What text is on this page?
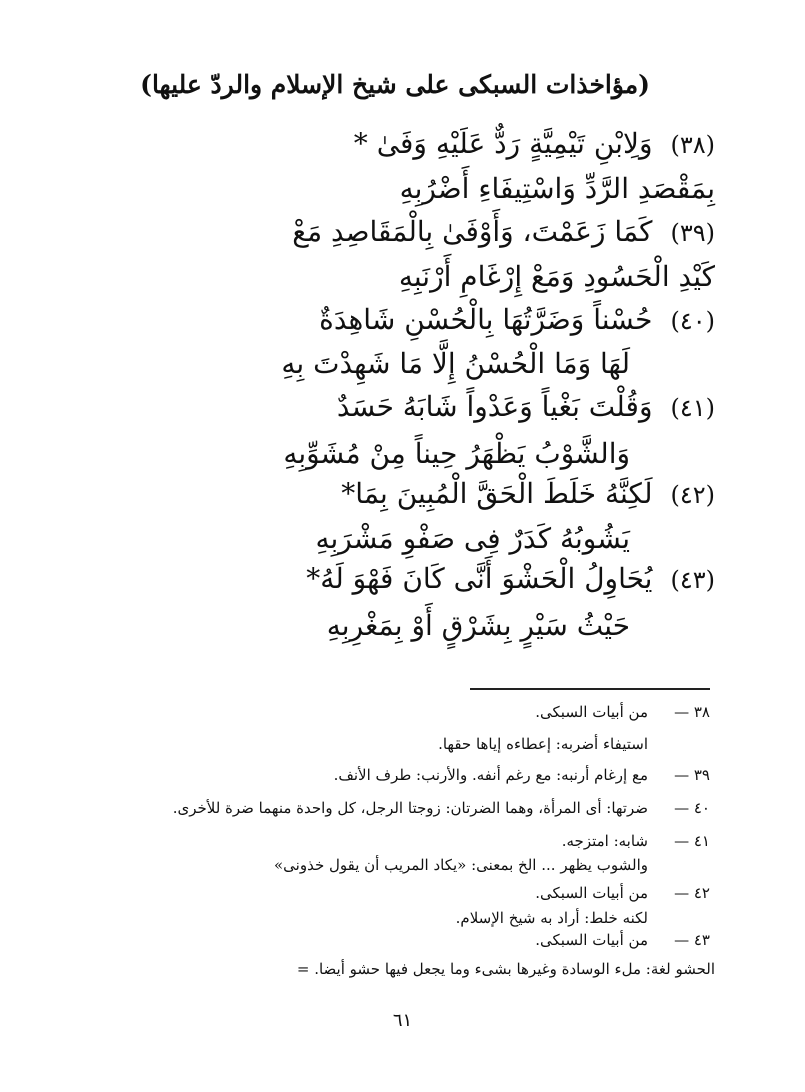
(مؤاخذات السبكى على شيخ الإسلام والردّ عليها)
(٣٨)وَلِابْنِ تَيْمِيَّةٍ رَدٌّ عَلَيْهِ وَفَىٰ *
بِمَقْصَدِ الرَّدِّ وَاسْتِيفَاءِ أَضْرُبِهِ
(٣٩)كَمَا زَعَمْتَ، وَأَوْفَىٰ بِالْمَقَاصِدِ مَعْ
كَيْدِ الْحَسُودِ وَمَعْ إِرْغَامِ أَرْنَبِهِ
(٤٠)حُسْناً وَضَرَّتُهَا بِالْحُسْنِ شَاهِدَةٌ
لَهَا وَمَا الْحُسْنُ إِلَّا مَا شَهِدْتَ بِهِ
(٤١)وَقُلْتَ بَغْياً وَعَدْواً شَابَهُ حَسَدٌ
وَالشَّوْبُ يَظْهَرُ حِيناً مِنْ مُشَوِّبِهِ
(٤٢)لَكِنَّهُ خَلَطَ الْحَقَّ الْمُبِينَ بِمَا*
يَشُوبُهُ كَدَرٌ فِى صَفْوِ مَشْرَبِهِ
(٤٣)يُحَاوِلُ الْحَشْوَ أَنَّى كَانَ فَهْوَ لَهُ*
حَيْثُ سَيْرٍ بِشَرْقٍ أَوْ بِمَغْرِبِهِ
٣٨ —من أبيات السبكى.
استيفاء أضربه: إعطاءه إياها حقها.
٣٩ —مع إرغام أرنبه: مع رغم أنفه. والأرنب: طرف الأنف.
٤٠ —ضرتها: أى المرأة، وهما الضرتان: زوجتا الرجل، كل واحدة منهما ضرة للأخرى.
٤١ —شابه: امتزجه.
والشوب يظهر ... الخ بمعنى: «يكاد المريب أن يقول خذونى»
٤٢ —من أبيات السبكى.
لكنه خلط: أراد به شيخ الإسلام.
٤٣ —من أبيات السبكى.
الحشو لغة: ملء الوسادة وغيرها بشىء وما يجعل فيها حشو أيضا. =
٦١
